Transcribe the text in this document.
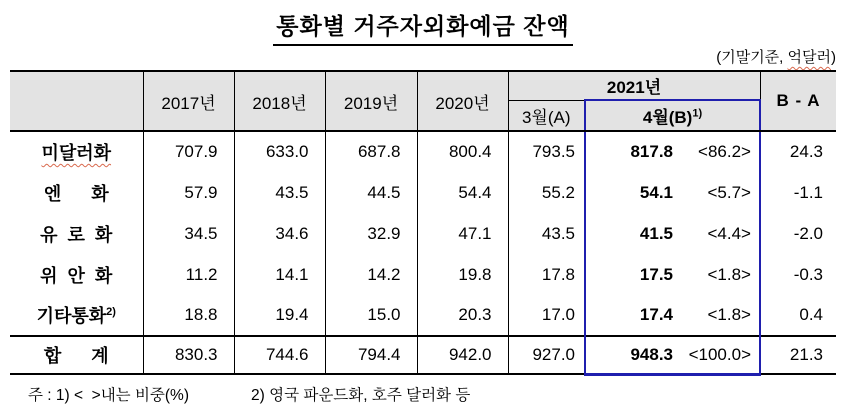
통화별 거주자외화예금 잔액
(기말기준, 억달러)
	2017년	2018년	2019년	2020년	2021년		B - A
					3월(A)	4월$(B)^{1)}$
미달러화	707.9	633.0	687.8	800.4	793.5	817.8 <86.2>	24.3
엔      화	57.9	43.5	44.5	54.4	55.2	54.1 <5.7>	-1.1
유  로  화	34.5	34.6	32.9	47.1	43.5	41.5 <4.4>	-2.0
위  안  화	11.2	14.1	14.2	19.8	17.8	17.5 <1.8>	-0.3
기타통화$^{2)}$	18.8	19.4	15.0	20.3	17.0	17.4 <1.8>	0.4
합      계	830.3	744.6	794.4	942.0	927.0	948.3 <100.0>	21.3
주 : 1) <  >내는 비중(%)	2) 영국 파운드화, 호주 달러화 등
